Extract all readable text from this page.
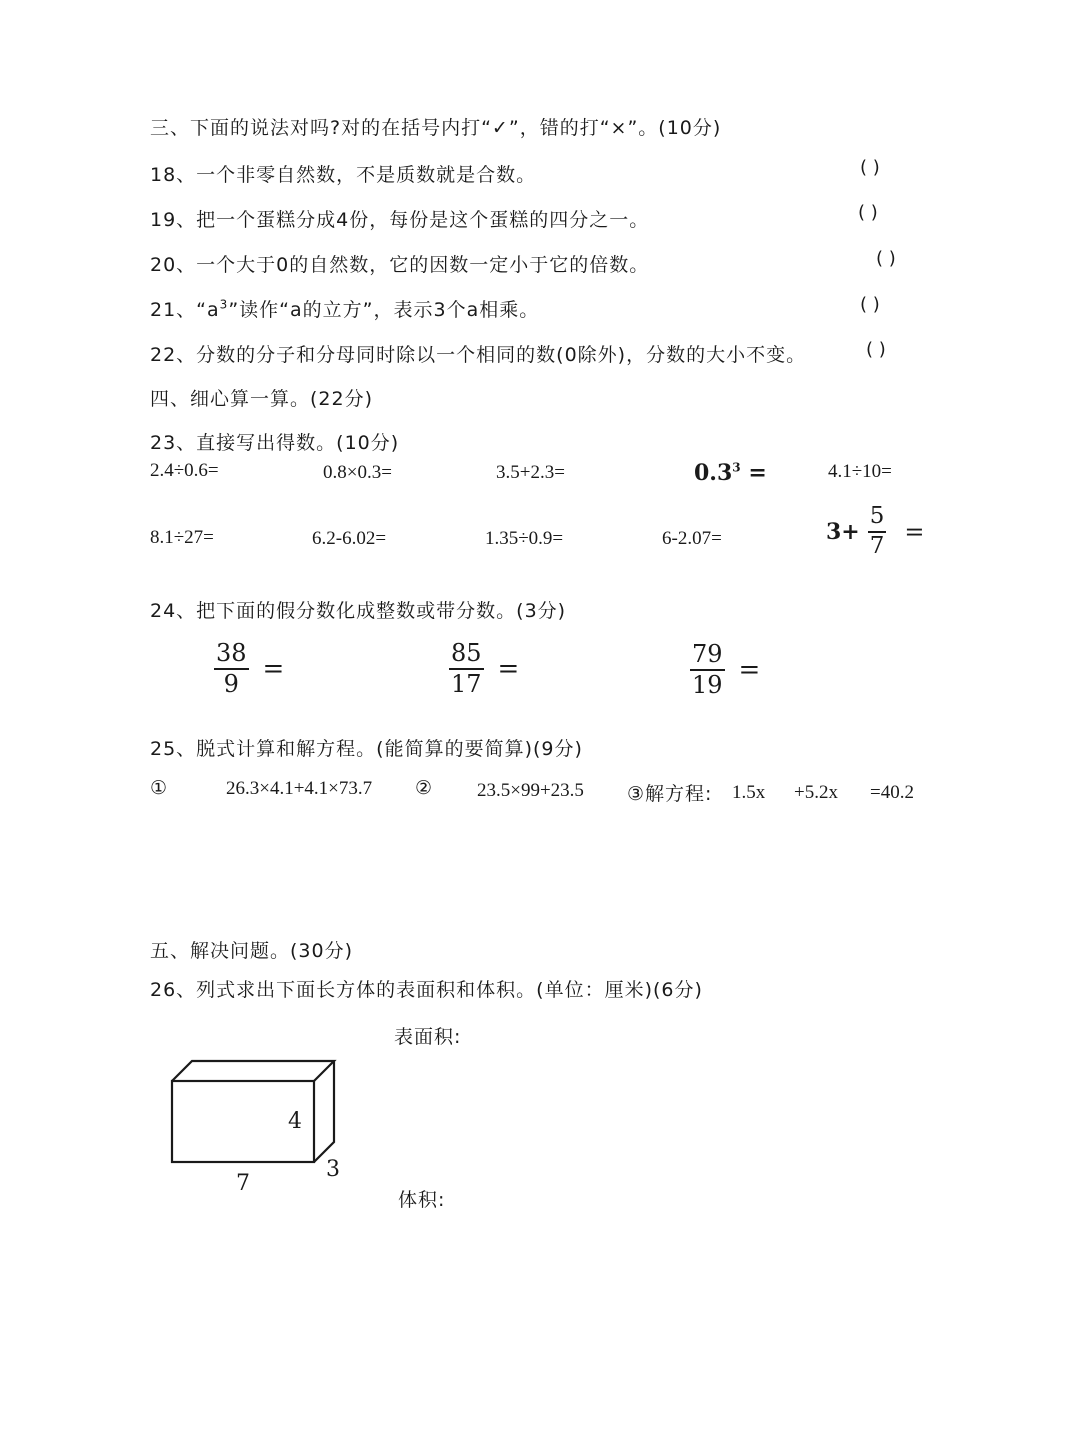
三、下面的说法对吗?对的在括号内打“✓”，错的打“×”。(10分)
18、一个非零自然数，不是质数就是合数。	( )
19、把一个蛋糕分成4份，每份是这个蛋糕的四分之一。	( )
20、一个大于0的自然数，它的因数一定小于它的倍数。	( )
21、“$a^3$”读作“a的立方”，表示3个a相乘。	( )
22、分数的分子和分母同时除以一个相同的数(0除外)，分数的大小不变。	( )
四、细心算一算。(22分)
23、直接写出得数。(10分)
2.4÷0.6=	0.8×0.3=	3.5+2.3=	$0.3^3$ =	4.1÷10=
8.1÷27=	6.2-6.02=	1.35÷0.9=	6-2.07=	$3+ \frac{5}{7}$ =
24、把下面的假分数化成整数或带分数。(3分)
$\frac{38}{9}$ =	$\frac{85}{17}$ =	$\frac{79}{19}$ =
25、脱式计算和解方程。(能简算的要简算)(9分)
①	26.3×4.1+4.1×73.7 ② 23.5×99+23.5 ③解方程: 1.5x +5.2x =40.2
五、解决问题。(30分)
26、列式求出下面长方体的表面积和体积。(单位：厘米)(6分)
表面积:
体积:
4
7
3
